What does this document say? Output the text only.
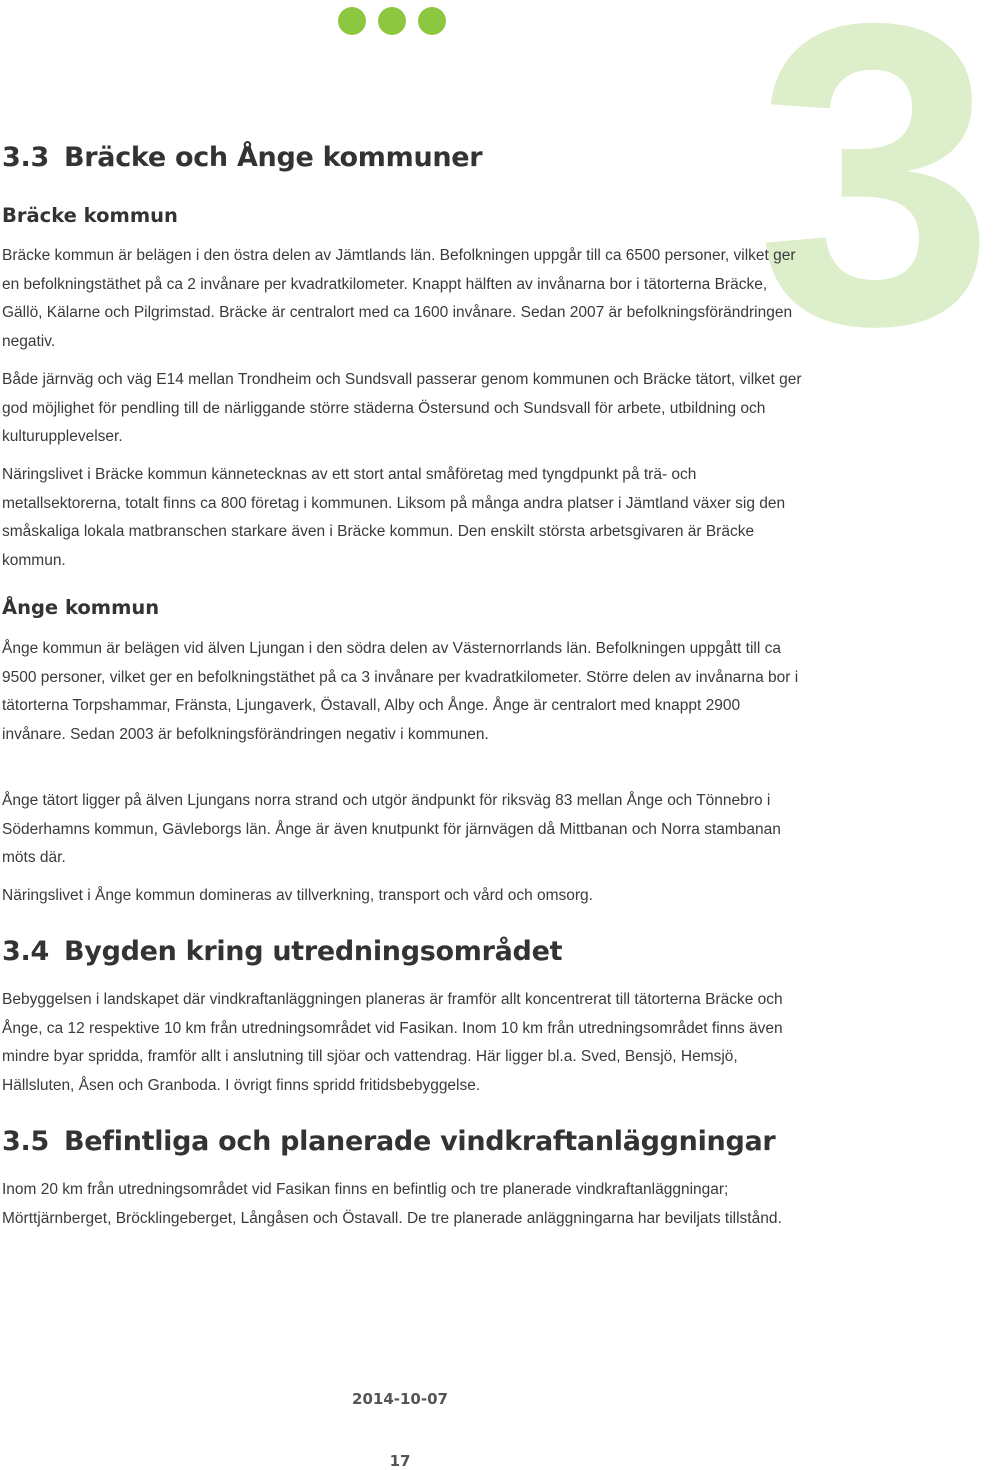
3
3.3 Bräcke och Ånge kommuner
Bräcke kommun

Bräcke kommun är belägen i den östra delen av Jämtlands län. Befolkningen uppgår till ca 6500 personer, vilket ger en befolkningstäthet på ca 2 invånare per kvadratkilometer. Knappt hälften av invånarna bor i tätorterna Bräcke, Gällö, Kälarne och Pilgrimstad. Bräcke är centralort med ca 1600 invånare. Sedan 2007 är befolkningsförändringen negativ.

Både järnväg och väg E14 mellan Trondheim och Sundsvall passerar genom kommunen och Bräcke tätort, vilket ger god möjlighet för pendling till de närliggande större städerna Östersund och Sundsvall för arbete, utbildning och kulturupplevelser.

Näringslivet i Bräcke kommun kännetecknas av ett stort antal småföretag med tyngdpunkt på trä- och metallsektorerna, totalt finns ca 800 företag i kommunen. Liksom på många andra platser i Jämtland växer sig den småskaliga lokala matbranschen starkare även i Bräcke kommun. Den enskilt största arbetsgivaren är Bräcke kommun.

Ånge kommun

Ånge kommun är belägen vid älven Ljungan i den södra delen av Västernorrlands län. Befolkningen uppgått till ca 9500 personer, vilket ger en befolkningstäthet på ca 3 invånare per kvadratkilometer. Större delen av invånarna bor i tätorterna Torpshammar, Fränsta, Ljungaverk, Östavall, Alby och Ånge. Ånge är centralort med knappt 2900 invånare. Sedan 2003 är befolkningsförändringen negativ i kommunen.

Ånge tätort ligger på älven Ljungans norra strand och utgör ändpunkt för riksväg 83 mellan Ånge och Tönnebro i Söderhamns kommun, Gävleborgs län. Ånge är även knutpunkt för järnvägen då Mittbanan och Norra stambanan möts där.

Näringslivet i Ånge kommun domineras av tillverkning, transport och vård och omsorg.

3.4 Bygden kring utredningsområdet

Bebyggelsen i landskapet där vindkraftanläggningen planeras är framför allt koncentrerat till tätorterna Bräcke och Ånge, ca 12 respektive 10 km från utredningsområdet vid Fasikan. Inom 10 km från utredningsområdet finns även mindre byar spridda, framför allt i anslutning till sjöar och vattendrag. Här ligger bl.a. Sved, Bensjö, Hemsjö, Hällsluten, Åsen och Granboda. I övrigt finns spridd fritidsbebyggelse.

3.5 Befintliga och planerade vindkraftanläggningar

Inom 20 km från utredningsområdet vid Fasikan finns en befintlig och tre planerade vindkraftanläggningar; Mörttjärnberget, Bröcklingeberget, Långåsen och Östavall. De tre planerade anläggningarna har beviljats tillstånd.

2014-10-07
17
